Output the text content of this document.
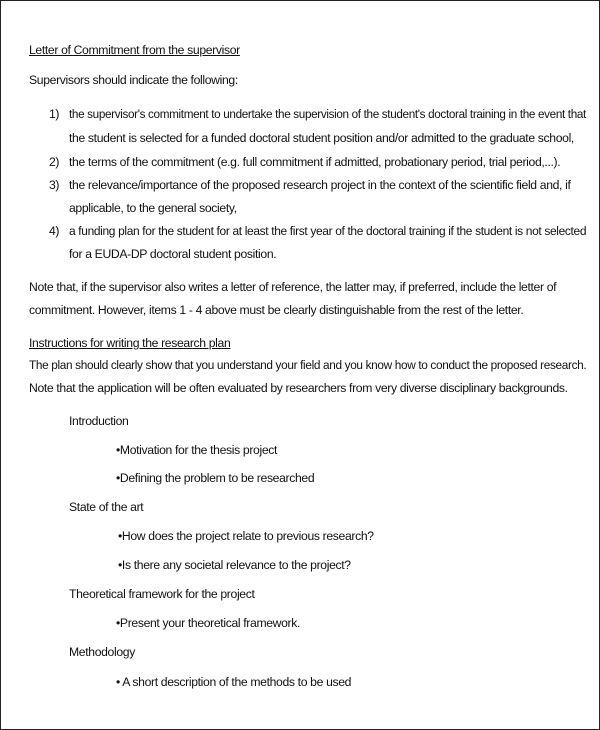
Letter of Commitment from the supervisor
Supervisors should indicate the following:
1) the supervisor's commitment to undertake the supervision of the student's doctoral training in the event that
the student is selected for a funded doctoral student position and/or admitted to the graduate school,
2) the terms of the commitment (e.g. full commitment if admitted, probationary period, trial period,...).
3) the relevance/importance of the proposed research project in the context of the scientific field and, if
applicable, to the general society,
4) a funding plan for the student for at least the first year of the doctoral training if the student is not selected
for a EUDA-DP doctoral student position.
Note that, if the supervisor also writes a letter of reference, the latter may, if preferred, include the letter of
commitment. However, items 1 - 4 above must be clearly distinguishable from the rest of the letter.
Instructions for writing the research plan
The plan should clearly show that you understand your field and you know how to conduct the proposed research.
Note that the application will be often evaluated by researchers from very diverse disciplinary backgrounds.
Introduction
•Motivation for the thesis project
•Defining the problem to be researched
State of the art
•How does the project relate to previous research?
•Is there any societal relevance to the project?
Theoretical framework for the project
•Present your theoretical framework.
Methodology
• A short description of the methods to be used
